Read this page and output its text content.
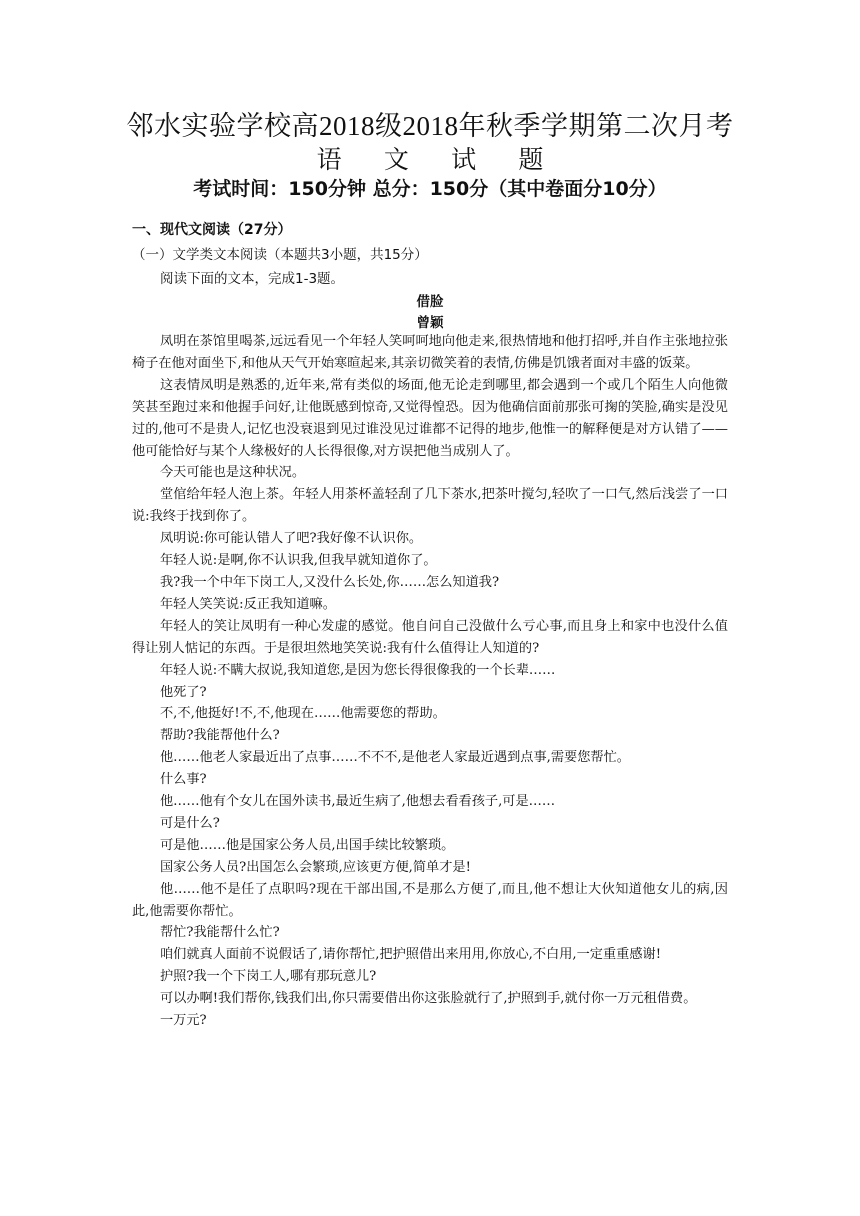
邻水实验学校高2018级2018年秋季学期第二次月考
语 文 试 题
考试时间：150分钟 总分：150分（其中卷面分10分）
一、现代文阅读（27分）
（一）文学类文本阅读（本题共3小题，共15分）
阅读下面的文本，完成1-3题。
借脸
曾颖

凤明在茶馆里喝茶,远远看见一个年轻人笑呵呵地向他走来,很热情地和他打招呼,并自作主张地拉张椅子在他对面坐下,和他从天气开始寒暄起来,其亲切微笑着的表情,仿佛是饥饿者面对丰盛的饭菜。

这表情凤明是熟悉的,近年来,常有类似的场面,他无论走到哪里,都会遇到一个或几个陌生人向他微笑甚至跑过来和他握手问好,让他既感到惊奇,又觉得惶恐。因为他确信面前那张可掬的笑脸,确实是没见过的,他可不是贵人,记忆也没衰退到见过谁没见过谁都不记得的地步,他惟一的解释便是对方认错了——他可能恰好与某个人缘极好的人长得很像,对方误把他当成别人了。

今天可能也是这种状况。

堂倌给年轻人泡上茶。年轻人用茶杯盖轻刮了几下茶水,把茶叶搅匀,轻吹了一口气,然后浅尝了一口说:我终于找到你了。

凤明说:你可能认错人了吧?我好像不认识你。

年轻人说:是啊,你不认识我,但我早就知道你了。

我?我一个中年下岗工人,又没什么长处,你……怎么知道我?

年轻人笑笑说:反正我知道嘛。

年轻人的笑让凤明有一种心发虚的感觉。他自问自己没做什么亏心事,而且身上和家中也没什么值得让别人惦记的东西。于是很坦然地笑笑说:我有什么值得让人知道的?

年轻人说:不瞒大叔说,我知道您,是因为您长得很像我的一个长辈……

他死了?

不,不,他挺好!不,不,他现在……他需要您的帮助。

帮助?我能帮他什么?

他……他老人家最近出了点事……不不不,是他老人家最近遇到点事,需要您帮忙。

什么事?

他……他有个女儿在国外读书,最近生病了,他想去看看孩子,可是……

可是什么?

可是他……他是国家公务人员,出国手续比较繁琐。

国家公务人员?出国怎么会繁琐,应该更方便,简单才是!

他……他不是任了点职吗?现在干部出国,不是那么方便了,而且,他不想让大伙知道他女儿的病,因此,他需要你帮忙。

帮忙?我能帮什么忙?

咱们就真人面前不说假话了,请你帮忙,把护照借出来用用,你放心,不白用,一定重重感谢!

护照?我一个下岗工人,哪有那玩意儿?

可以办啊!我们帮你,钱我们出,你只需要借出你这张脸就行了,护照到手,就付你一万元租借费。

一万元?
